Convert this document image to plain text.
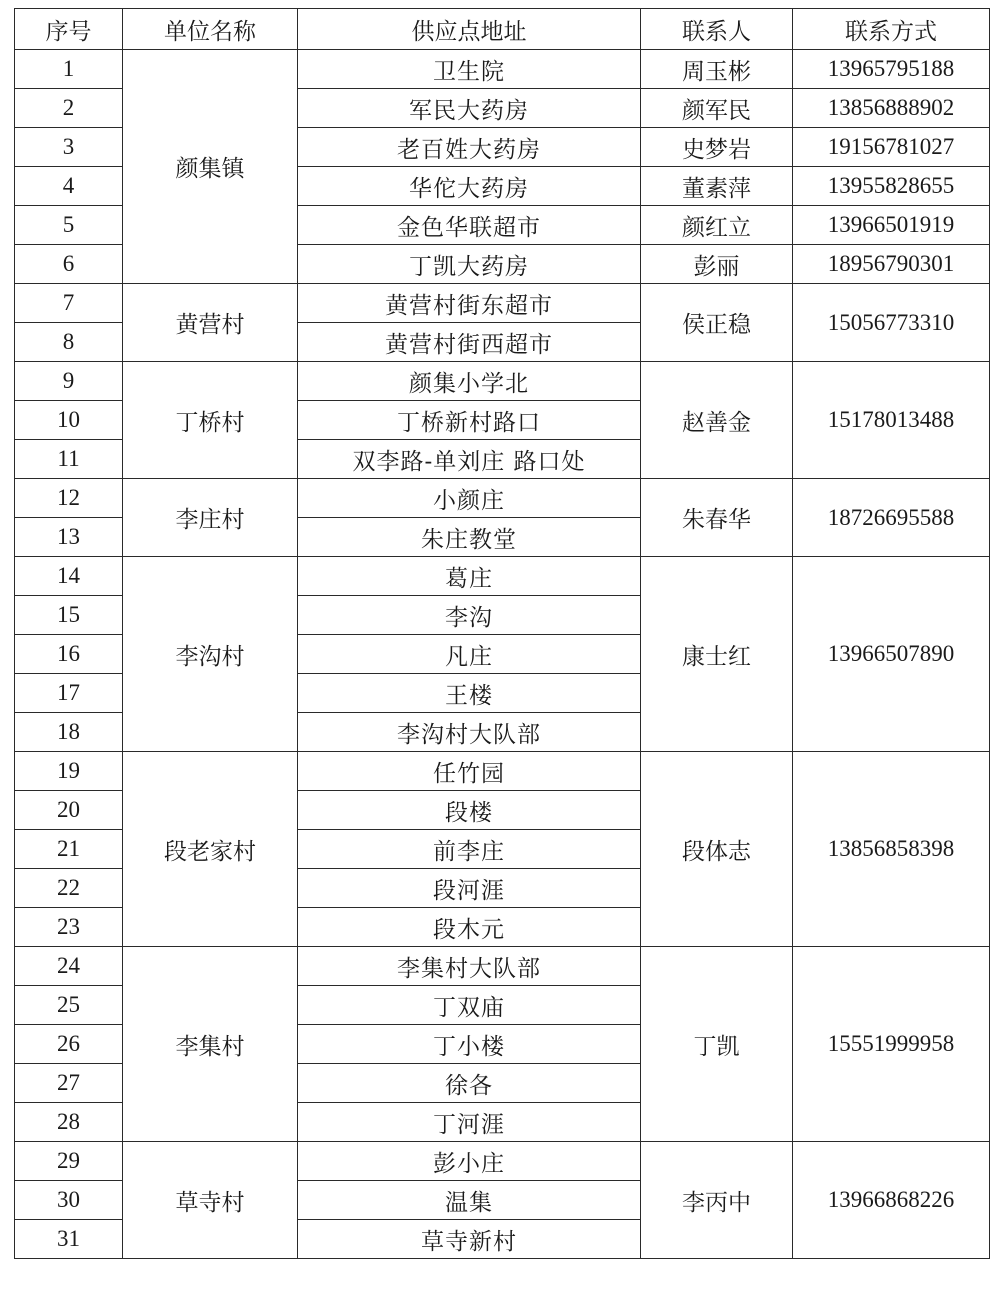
序号	单位名称	供应点地址	联系人	联系方式
1	颜集镇	卫生院	周玉彬	13965795188
2		军民大药房	颜军民	13856888902
3		老百姓大药房	史梦岩	19156781027
4		华佗大药房	董素萍	13955828655
5		金色华联超市	颜红立	13966501919
6		丁凯大药房	彭丽	18956790301
7	黄营村	黄营村街东超市	侯正稳	15056773310
8		黄营村街西超市		
9	丁桥村	颜集小学北	赵善金	15178013488
10		丁桥新村路口		
11		双李路-单刘庄 路口处		
12	李庄村	小颜庄	朱春华	18726695588
13		朱庄教堂		
14	李沟村	葛庄	康士红	13966507890
15		李沟		
16		凡庄		
17		王楼		
18		李沟村大队部		
19	段老家村	任竹园	段体志	13856858398
20		段楼		
21		前李庄		
22		段河涯		
23		段木元		
24	李集村	李集村大队部	丁凯	15551999958
25		丁双庙		
26		丁小楼		
27		徐各		
28		丁河涯		
29	草寺村	彭小庄	李丙中	13966868226
30		温集		
31		草寺新村		
